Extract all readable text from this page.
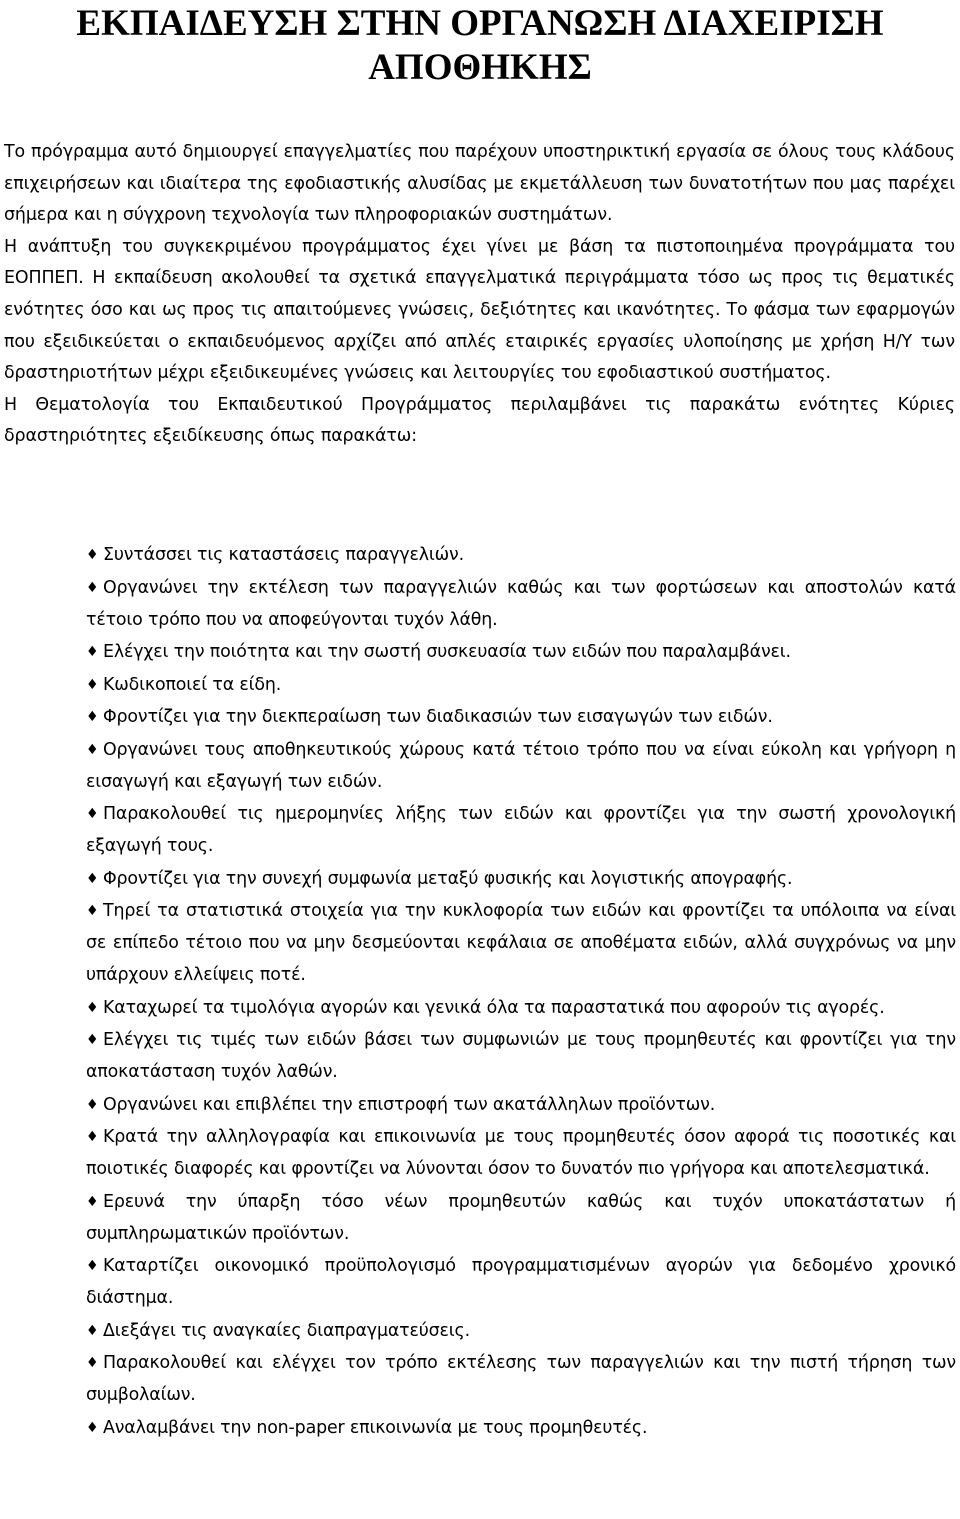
ΕΚΠΑΙΔΕΥΣΗ ΣΤΗΝ ΟΡΓΑΝΩΣΗ ΔΙΑΧΕΙΡΙΣΗ
ΑΠΟΘΗΚΗΣ

Το πρόγραμμα αυτό δημιουργεί επαγγελματίες που παρέχουν υποστηρικτική εργασία σε όλους τους κλάδους επιχειρήσεων και ιδιαίτερα της εφοδιαστικής αλυσίδας με εκμετάλλευση των δυνατοτήτων που μας παρέχει σήμερα και η σύγχρονη τεχνολογία των πληροφοριακών συστημάτων.

Η ανάπτυξη του συγκεκριμένου προγράμματος έχει γίνει με βάση τα πιστοποιημένα προγράμματα του ΕΟΠΠΕΠ. Η εκπαίδευση ακολουθεί τα σχετικά επαγγελματικά περιγράμματα τόσο ως προς τις θεματικές ενότητες όσο και ως προς τις απαιτούμενες γνώσεις, δεξιότητες και ικανότητες. Το φάσμα των εφαρμογών που εξειδικεύεται ο εκπαιδευόμενος αρχίζει από απλές εταιρικές εργασίες υλοποίησης με χρήση Η/Υ των δραστηριοτήτων μέχρι εξειδικευμένες γνώσεις και λειτουργίες του εφοδιαστικού συστήματος.

Η Θεματολογία του Εκπαιδευτικού Προγράμματος περιλαμβάνει τις παρακάτω ενότητες Κύριες δραστηριότητες εξειδίκευσης όπως παρακάτω:

♦ Συντάσσει τις καταστάσεις παραγγελιών.
♦ Οργανώνει την εκτέλεση των παραγγελιών καθώς και των φορτώσεων και αποστολών κατά τέτοιο τρόπο που να αποφεύγονται τυχόν λάθη.
♦ Ελέγχει την ποιότητα και την σωστή συσκευασία των ειδών που παραλαμβάνει.
♦ Κωδικοποιεί τα είδη.
♦ Φροντίζει για την διεκπεραίωση των διαδικασιών των εισαγωγών των ειδών.
♦ Οργανώνει τους αποθηκευτικούς χώρους κατά τέτοιο τρόπο που να είναι εύκολη και γρήγορη η εισαγωγή και εξαγωγή των ειδών.
♦ Παρακολουθεί τις ημερομηνίες λήξης των ειδών και φροντίζει για την σωστή χρονολογική εξαγωγή τους.
♦ Φροντίζει για την συνεχή συμφωνία μεταξύ φυσικής και λογιστικής απογραφής.
♦ Τηρεί τα στατιστικά στοιχεία για την κυκλοφορία των ειδών και φροντίζει τα υπόλοιπα να είναι σε επίπεδο τέτοιο που να μην δεσμεύονται κεφάλαια σε αποθέματα ειδών, αλλά συγχρόνως να μην υπάρχουν ελλείψεις ποτέ.
♦ Καταχωρεί τα τιμολόγια αγορών και γενικά όλα τα παραστατικά που αφορούν τις αγορές.
♦ Ελέγχει τις τιμές των ειδών βάσει των συμφωνιών με τους προμηθευτές και φροντίζει για την αποκατάσταση τυχόν λαθών.
♦ Οργανώνει και επιβλέπει την επιστροφή των ακατάλληλων προϊόντων.
♦ Κρατά την αλληλογραφία και επικοινωνία με τους προμηθευτές όσον αφορά τις ποσοτικές και ποιοτικές διαφορές και φροντίζει να λύνονται όσον το δυνατόν πιο γρήγορα και αποτελεσματικά.
♦ Ερευνά την ύπαρξη τόσο νέων προμηθευτών καθώς και τυχόν υποκατάστατων ή συμπληρωματικών προϊόντων.
♦ Καταρτίζει οικονομικό προϋπολογισμό προγραμματισμένων αγορών για δεδομένο χρονικό διάστημα.
♦ Διεξάγει τις αναγκαίες διαπραγματεύσεις.
♦ Παρακολουθεί και ελέγχει τον τρόπο εκτέλεσης των παραγγελιών και την πιστή τήρηση των συμβολαίων.
♦ Αναλαμβάνει την non-paper επικοινωνία με τους προμηθευτές.
